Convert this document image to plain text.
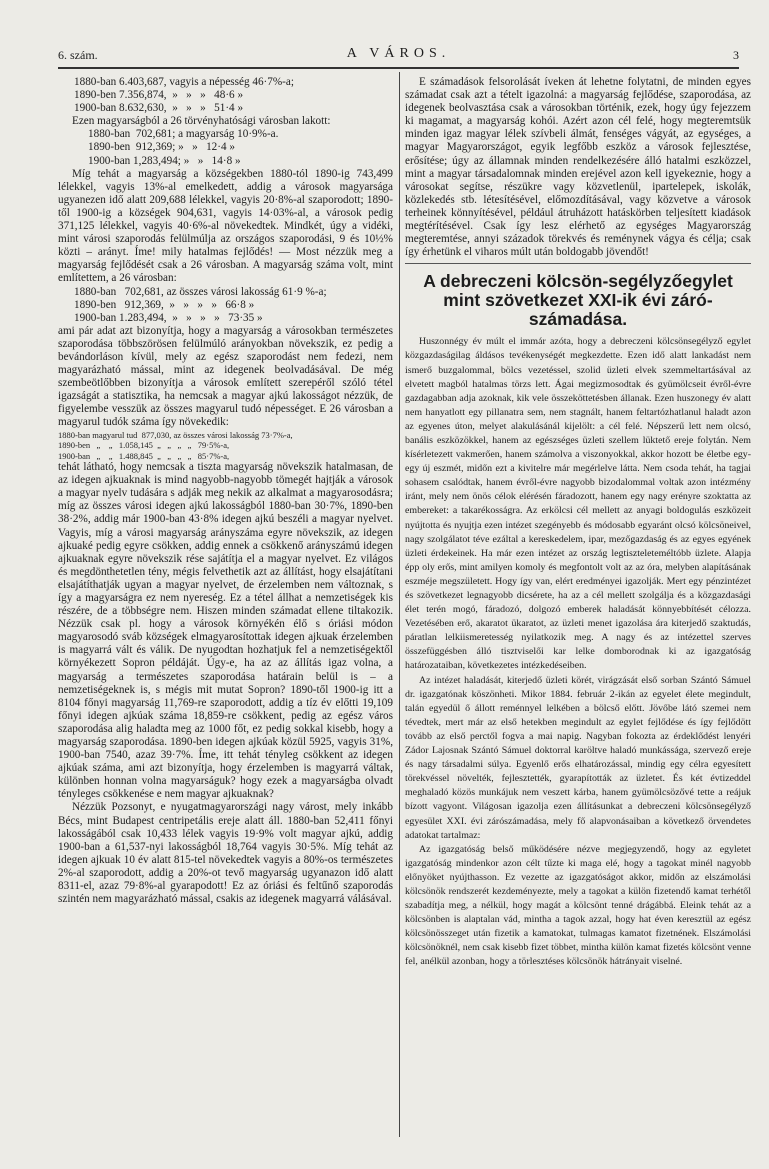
6. szám.	A VÁROS.	3

1880-ban 6.403,687, vagyis a népesség 46·7%-a;

1890-ben 7.356,874,  »   »   »   48·6 »

1900-ban 8.632,630,  »   »   »   51·4 »

Ezen magyarságból a 26 törvényhatósági városban lakott:

1880-ban  702,681; a magyarság 10·9%-a.

1890-ben  912,369; »   »   12·4 »

1900-ban 1,283,494; »   »   14·8 »

Míg tehát a magyarság a községekben 1880-tól 1890-ig 743,499 lélekkel, vagyis 13%-al emelkedett, addig a városok magyarsága ugyanezen idő alatt 209,688 lélekkel, vagyis 20·8%-al szaporodott; 1890-től 1900-ig a községek 904,631, vagyis 14·03%-al, a városok pedig 371,125 lélekkel, vagyis 40·6%-al növekedtek. Mindkét, úgy a vidéki, mint városi szaporodás felülmúlja az országos szaporodási, 9 és 10½% közti – arányt. Íme! mily hatalmas fejlődés! — Most nézzük meg a magyarság fejlődését csak a 26 városban. A magyarság száma volt, mint említettem, a 26 városban:

1880-ban   702,681, az összes városi lakosság 61·9 %-a;

1890-ben   912,369,  »   »   »   »   66·8 »

1900-ban 1.283,494,  »   »   »   »   73·35 »

ami pár adat azt bizonyítja, hogy a magyarság a városokban természetes szaporodása többszörösen felülmúló arányokban növekszik, ez pedig a bevándorláson kívül, mely az egész szaporodást nem fedezi, nem magyarázható mással, mint az idegenek beolvadásával. De még szembeötlőbben bizonyítja a városok említett szerepéről szóló tétel igazságát a statisztika, ha nemcsak a magyar ajkú lakosságot nézzük, de figyelembe vesszük az összes magyarul tudó népességet. E 26 városban a magyarul tudók száma így növekedik:

1880-ban magyarul tud  877,030, az összes városi lakosság 73·7%-a,

1890-ben   „    „   1.058,145  „   „   „   „   79·5%-a,

1900-ban   „    „   1.488,845  „   „   „   „   85·7%-a,

tehát látható, hogy nemcsak a tiszta magyarság növekszik hatalmasan, de az idegen ajkuaknak is mind nagyobb-nagyobb tömegét hajtják a városok a magyar nyelv tudására s adják meg nekik az alkalmat a magyarosodásra; míg az összes városi idegen ajkú lakosságból 1880-ban 30·7%, 1890-ben 38·2%, addig már 1900-ban 43·8% idegen ajkú beszéli a magyar nyelvet. Vagyis, míg a városi magyarság arányszáma egyre növekszik, az idegen ajkuaké pedig egyre csökken, addig ennek a csökkenő arányszámú idegen ajkuaknak egyre növekszik rése sajátítja el a magyar nyelvet. Ez világos és megdönthetetlen tény, mégis felvethetik azt az állítást, hogy elsajátítani elsajátíthatják ugyan a magyar nyelvet, de érzelemben nem változnak, s így a magyarságra ez nem nyereség. Ez a tétel állhat a nemzetiségek kis részére, de a többségre nem. Hiszen minden számadat ellene tiltakozik. Nézzük csak pl. hogy a városok környékén élő s óriási módon magyarosodó sváb községek elmagyarosítottak idegen ajkuak érzelemben is magyarrá vált és válik. De nyugodtan hozhatjuk fel a nemzetiségektől környékezett Sopron példáját. Úgy-e, ha az az állítás igaz volna, a magyarság a természetes szaporodása határain belül is – a nemzetiségeknek is, s mégis mit mutat Sopron? 1890-től 1900-ig itt a 8104 főnyi magyarság 11,769-re szaporodott, addig a tíz év előtti 19,109 főnyi idegen ajkúak száma 18,859-re csökkent, pedig az egész város szaporodása alig haladta meg az 1000 főt, ez pedig sokkal kisebb, hogy a magyarság szaporodása. 1890-ben idegen ajkúak közül 5925, vagyis 31%, 1900-ban 7540, azaz 39·7%. Íme, itt tehát tényleg csökkent az idegen ajkúak száma, ami azt bizonyítja, hogy érzelemben is magyarrá váltak, különben honnan volna magyarságuk? hogy ezek a magyarságba olvadt tényleges csökkenése e nem magyar ajkuaknak?

Nézzük Pozsonyt, e nyugatmagyarországi nagy várost, mely inkább Bécs, mint Budapest centripetális ereje alatt áll. 1880-ban 52,411 főnyi lakosságából csak 10,433 lélek vagyis 19·9% volt magyar ajkú, addig 1900-ban a 61,537-nyi lakosságból 18,764 vagyis 30·5%. Míg tehát az idegen ajkuak 10 év alatt 815-tel növekedtek vagyis a 80%-os természetes 2%-al szaporodott, addig a 20%-ot tevő magyarság ugyanazon idő alatt 8311-el, azaz 79·8%-al gyarapodott! Ez az óriási és feltűnő szaporodás szintén nem magyarázható mással, csakis az idegenek magyarrá válásával.

E számadások felsorolását íveken át lehetne folytatni, de minden egyes számadat csak azt a tételt igazolná: a magyarság fejlődése, szaporodása, az idegenek beolvasztása csak a városokban történik, ezek, hogy úgy fejezzem ki magamat, a magyarság kohói. Azért azon cél felé, hogy megteremtsük minden igaz magyar lélek szívbeli álmát, fenséges vágyát, az egységes, a magyar Magyarországot, egyik legfőbb eszköz a városok fejlesztése, erősítése; úgy az államnak minden rendelkezésére álló hatalmi eszközzel, mint a magyar társadalomnak minden erejével azon kell igyekeznie, hogy a városokat segítse, részükre vagy közvetlenül, ipartelepek, iskolák, közlekedés stb. létesítésével, előmozdításával, vagy közvetve a városok terheinek könnyítésével, például átruházott hatáskörben teljesített kiadások megtérítésével. Csak így lesz elérhető az egységes Magyarország megteremtése, annyi századok törekvés és reménynek vágya és célja; csak így érhetünk el viharos múlt után boldogabb jövendőt!

A debreczeni kölcsön-segélyzőegylet mint szövetkezet XXI-ik évi záró-számadása.

Huszonnégy év múlt el immár azóta, hogy a debreczeni kölcsönsegélyző egylet közgazdaságilag áldásos tevékenységét megkezdette. Ezen idő alatt lankadást nem ismerő buzgalommal, bölcs vezetéssel, szolid üzleti elvek szemmeltartásával az elvetett magból hatalmas törzs lett. Ágai megizmosodtak és gyümölcseit évről-évre gazdagabban adja azoknak, kik vele összeköttetésben állanak. Ezen huszonegy év alatt nem hanyatlott egy pillanatra sem, nem stagnált, hanem feltartózhatlanul haladt azon az egyenes úton, melyet alakulásánál kijelölt: a cél felé. Népszerű lett nem olcsó, banális eszközökkel, hanem az egészséges üzleti szellem lüktető ereje folytán. Nem kísérletezett vakmerően, hanem számolva a viszonyokkal, akkor hozott be életbe egy-egy új eszmét, midőn ezt a kivitelre már megérlelve látta. Nem csoda tehát, ha tagjai sohasem csalódtak, hanem évről-évre nagyobb bizodalommal voltak azon intézmény iránt, mely nem önös célok elérésén fáradozott, hanem egy nagy erényre szoktatta az embereket: a takarékosságra. Az erkölcsi cél mellett az anyagi boldogulás eszközeit nyújtotta és nyujtja ezen intézet szegényebb és módosabb egyaránt olcsó kölcsöneivel, nagy szolgálatot téve ezáltal a kereskedelem, ipar, mezőgazdaság és az egyes egyének üzleti érdekeinek. Ha már ezen intézet az ország legtiszteleteméltóbb üzlete. Alapja épp oly erős, mint amilyen komoly és megfontolt volt az az óra, melyben alapításának eszméje megszületett. Hogy így van, elért eredményei igazolják. Mert egy pénzintézet és szövetkezet legnagyobb dicsérete, ha az a cél mellett szolgálja és a közgazdasági élet terén mogó, fáradozó, dolgozó emberek haladását könnyebbítését célozza. Vezetésében erő, akaratot ükaratot, az üzleti menet igazolása ára kiterjedő szaktudás, páratlan lelkiismeretesség nyilatkozik meg. A nagy és az intézettel szerves összefüggésben álló tisztviselői kar lelke domborodnak ki az igazgatóság határozataiban, következetes intézkedéseiben.

Az intézet haladását, kiterjedő üzleti körét, virágzását első sorban Szántó Sámuel dr. igazgatónak köszönheti. Mikor 1884. február 2-ikán az egyelet élete megindult, talán egyedül ő állott reménnyel lelkében a bölcső előtt. Jövőbe látó szemei nem tévedtek, mert már az első hetekben megindult az egylet fejlődése és így fejlődött tovább az első perctől fogva a mai napig. Nagyban fokozta az érdeklődést lenyéri Zádor Lajosnak Szántó Sámuel doktorral karöltve haladó munkássága, szervező ereje és nagy társadalmi súlya. Egyenlő erős elhatározással, mindig egy célra egyesített törekvéssel növelték, fejlesztették, gyarapították az üzletet. És két évtizeddel meghaladó közös munkájuk nem veszett kárba, hanem gyümölcsözővé tette a reájuk bízott vagyont. Világosan igazolja ezen állításunkat a debreczeni kölcsönsegélyző egyesület XXI. évi zárószámadása, mely fő alapvonásaiban a következő örvendetes adatokat tartalmaz:

Az igazgatóság belső működésére nézve megjegyzendő, hogy az egyletet igazgatóság mindenkor azon célt tűzte ki maga elé, hogy a tagokat minél nagyobb előnyöket nyújthasson. Ez vezette az igazgatóságot akkor, midőn az elszámolási kölcsönök rendszerét kezdeményezte, mely a tagokat a külön fizetendő kamat terhétől szabadítja meg, a nélkül, hogy magát a kölcsönt tenné drágábbá. Eleink tehát az a kölcsönben is alaptalan vád, mintha a tagok azzal, hogy hat éven keresztül az egész kölcsönösszeget után fizetik a kamatokat, tulmagas kamatot fizetnének. Elszámolási kölcsönöknél, nem csak kisebb fizet többet, mintha külön kamat fizetés kölcsönt venne fel, anélkül azonban, hogy a törlesztéses kölcsönök hátrányait viselné.
